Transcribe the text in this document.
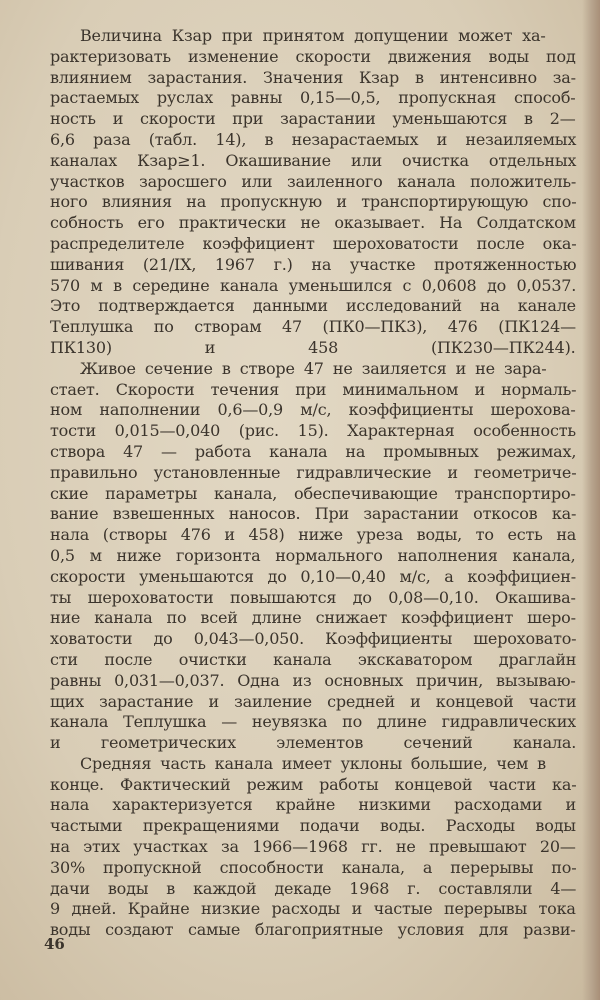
Величина Кзар при принятом допущении может ха-
рактеризовать изменение скорости движения воды под
влиянием зарастания. Значения Кзар в интенсивно за-
растаемых руслах равны 0,15—0,5, пропускная способ-
ность и скорости при зарастании уменьшаются в 2—
6,6 раза (табл. 14), в незарастаемых и незаиляемых
каналах Кзар≥1. Окашивание или очистка отдельных
участков заросшего или заиленного канала положитель-
ного влияния на пропускную и транспортирующую спо-
собность его практически не оказывает. На Солдатском
распределителе коэффициент шероховатости после ока-
шивания (21/IX, 1967 г.) на участке протяженностью
570 м в середине канала уменьшился с 0,0608 до 0,0537.
Это подтверждается данными исследований на канале
Теплушка по створам 47 (ПК0—ПК3), 476 (ПК124—
ПК130) и 458 (ПК230—ПК244).

Живое сечение в створе 47 не заиляется и не зара-
стает. Скорости течения при минимальном и нормаль-
ном наполнении 0,6—0,9 м/с, коэффициенты шерохова-
тости 0,015—0,040 (рис. 15). Характерная особенность
створа 47 — работа канала на промывных режимах,
правильно установленные гидравлические и геометриче-
ские параметры канала, обеспечивающие транспортиро-
вание взвешенных наносов. При зарастании откосов ка-
нала (створы 476 и 458) ниже уреза воды, то есть на
0,5 м ниже горизонта нормального наполнения канала,
скорости уменьшаются до 0,10—0,40 м/с, а коэффициен-
ты шероховатости повышаются до 0,08—0,10. Окашива-
ние канала по всей длине снижает коэффициент шеро-
ховатости до 0,043—0,050. Коэффициенты шероховато-
сти после очистки канала экскаватором драглайн
равны 0,031—0,037. Одна из основных причин, вызываю-
щих зарастание и заиление средней и концевой части
канала Теплушка — неувязка по длине гидравлических
и геометрических элементов сечений канала.

Средняя часть канала имеет уклоны большие, чем в
конце. Фактический режим работы концевой части ка-
нала характеризуется крайне низкими расходами и
частыми прекращениями подачи воды. Расходы воды
на этих участках за 1966—1968 гг. не превышают 20—
30% пропускной способности канала, а перерывы по-
дачи воды в каждой декаде 1968 г. составляли 4—
9 дней. Крайне низкие расходы и частые перерывы тока
воды создают самые благоприятные условия для разви-

46
